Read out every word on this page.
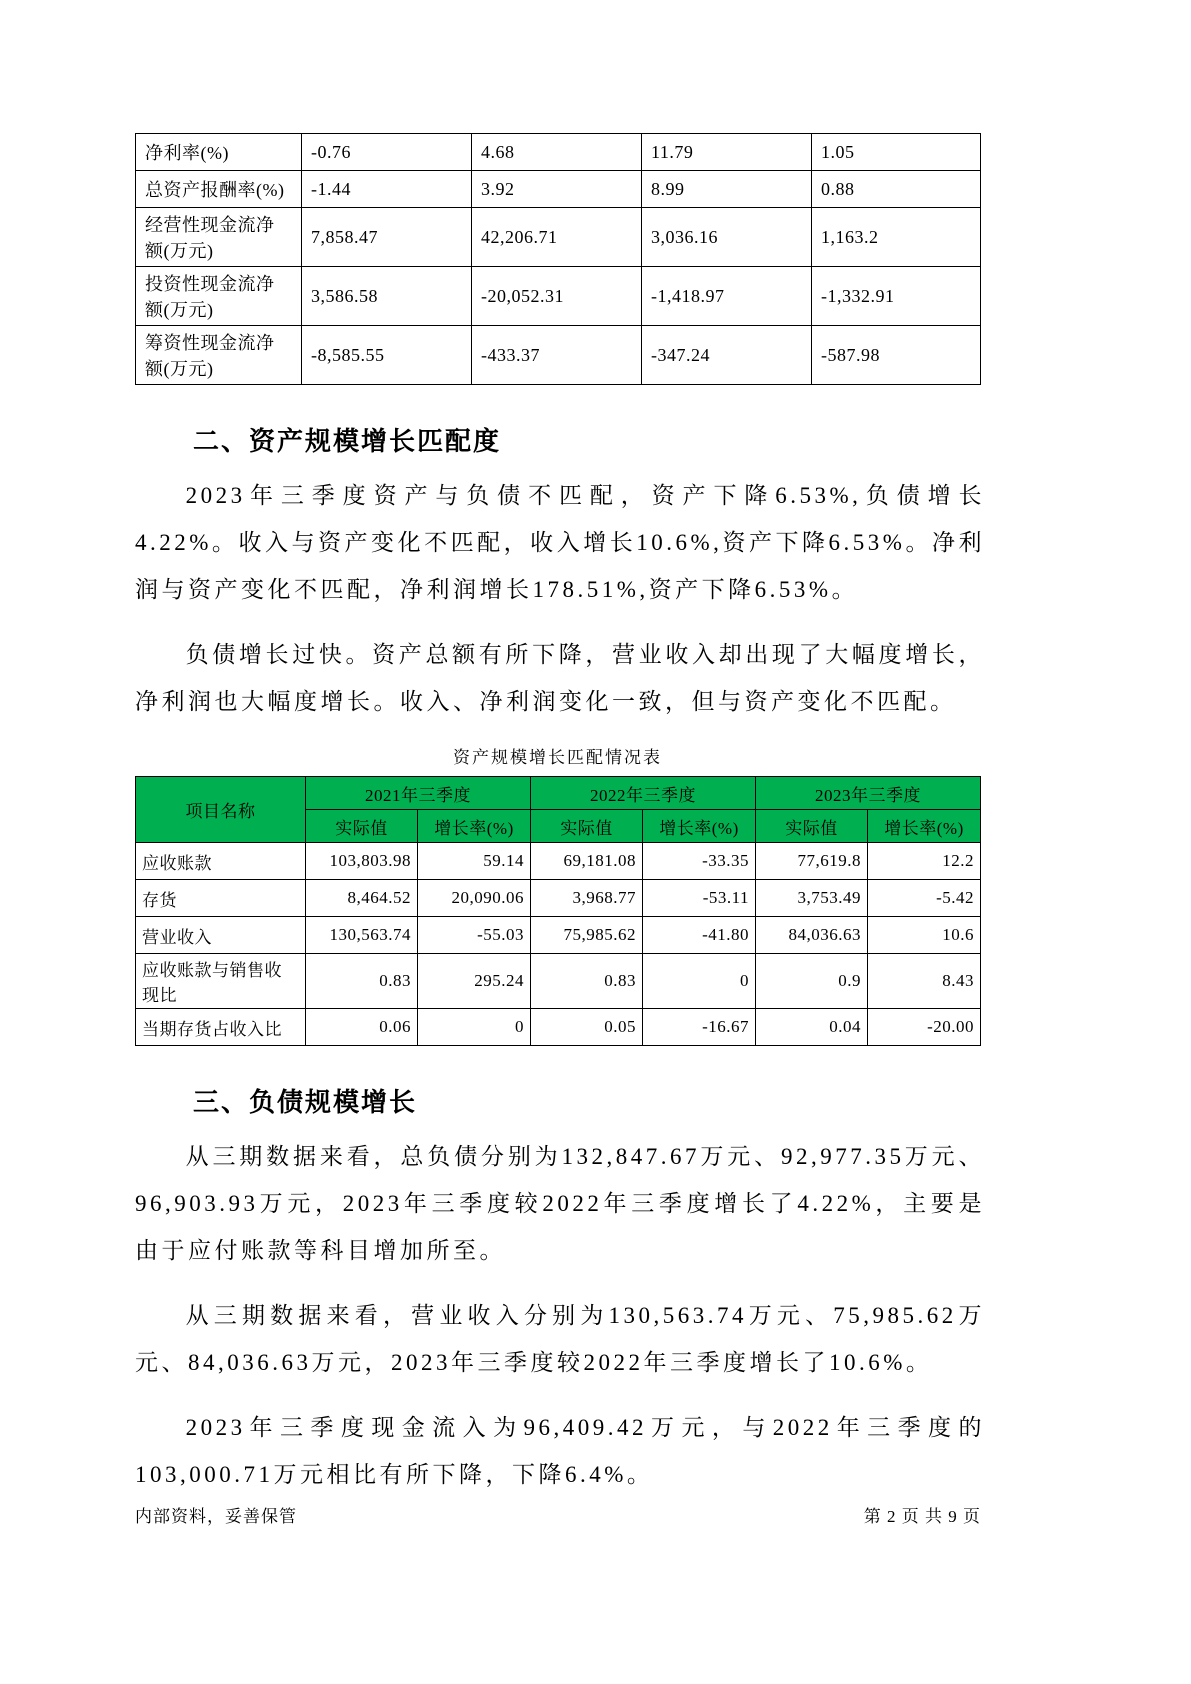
净利率(%)	-0.76	4.68	11.79	1.05
总资产报酬率(%)	-1.44	3.92	8.99	0.88
经营性现金流净额(万元)	7,858.47	42,206.71	3,036.16	1,163.2
投资性现金流净额(万元)	3,586.58	-20,052.31	-1,418.97	-1,332.91
筹资性现金流净额(万元)	-8,585.55	-433.37	-347.24	-587.98
二、资产规模增长匹配度

2023年三季度资产与负债不匹配，资产下降6.53%,负债增长4.22%。收入与资产变化不匹配，收入增长10.6%,资产下降6.53%。净利润与资产变化不匹配，净利润增长178.51%,资产下降6.53%。

负债增长过快。资产总额有所下降，营业收入却出现了大幅度增长，净利润也大幅度增长。收入、净利润变化一致，但与资产变化不匹配。

资产规模增长匹配情况表
项目名称	2021年三季度		2022年三季度		2023年三季度	
	实际值	增长率(%)	实际值	增长率(%)	实际值	增长率(%)
应收账款	103,803.98	59.14	69,181.08	-33.35	77,619.8	12.2
存货	8,464.52	20,090.06	3,968.77	-53.11	3,753.49	-5.42
营业收入	130,563.74	-55.03	75,985.62	-41.80	84,036.63	10.6
应收账款与销售收现比	0.83	295.24	0.83	0	0.9	8.43
当期存货占收入比	0.06	0	0.05	-16.67	0.04	-20.00
三、负债规模增长

从三期数据来看，总负债分别为132,847.67万元、92,977.35万元、96,903.93万元，2023年三季度较2022年三季度增长了4.22%，主要是由于应付账款等科目增加所至。

从三期数据来看，营业收入分别为130,563.74万元、75,985.62万元、84,036.63万元，2023年三季度较2022年三季度增长了10.6%。

2023年三季度现金流入为96,409.42万元，与2022年三季度的103,000.71万元相比有所下降，下降6.4%。

内部资料，妥善保管	第 2 页 共 9 页
